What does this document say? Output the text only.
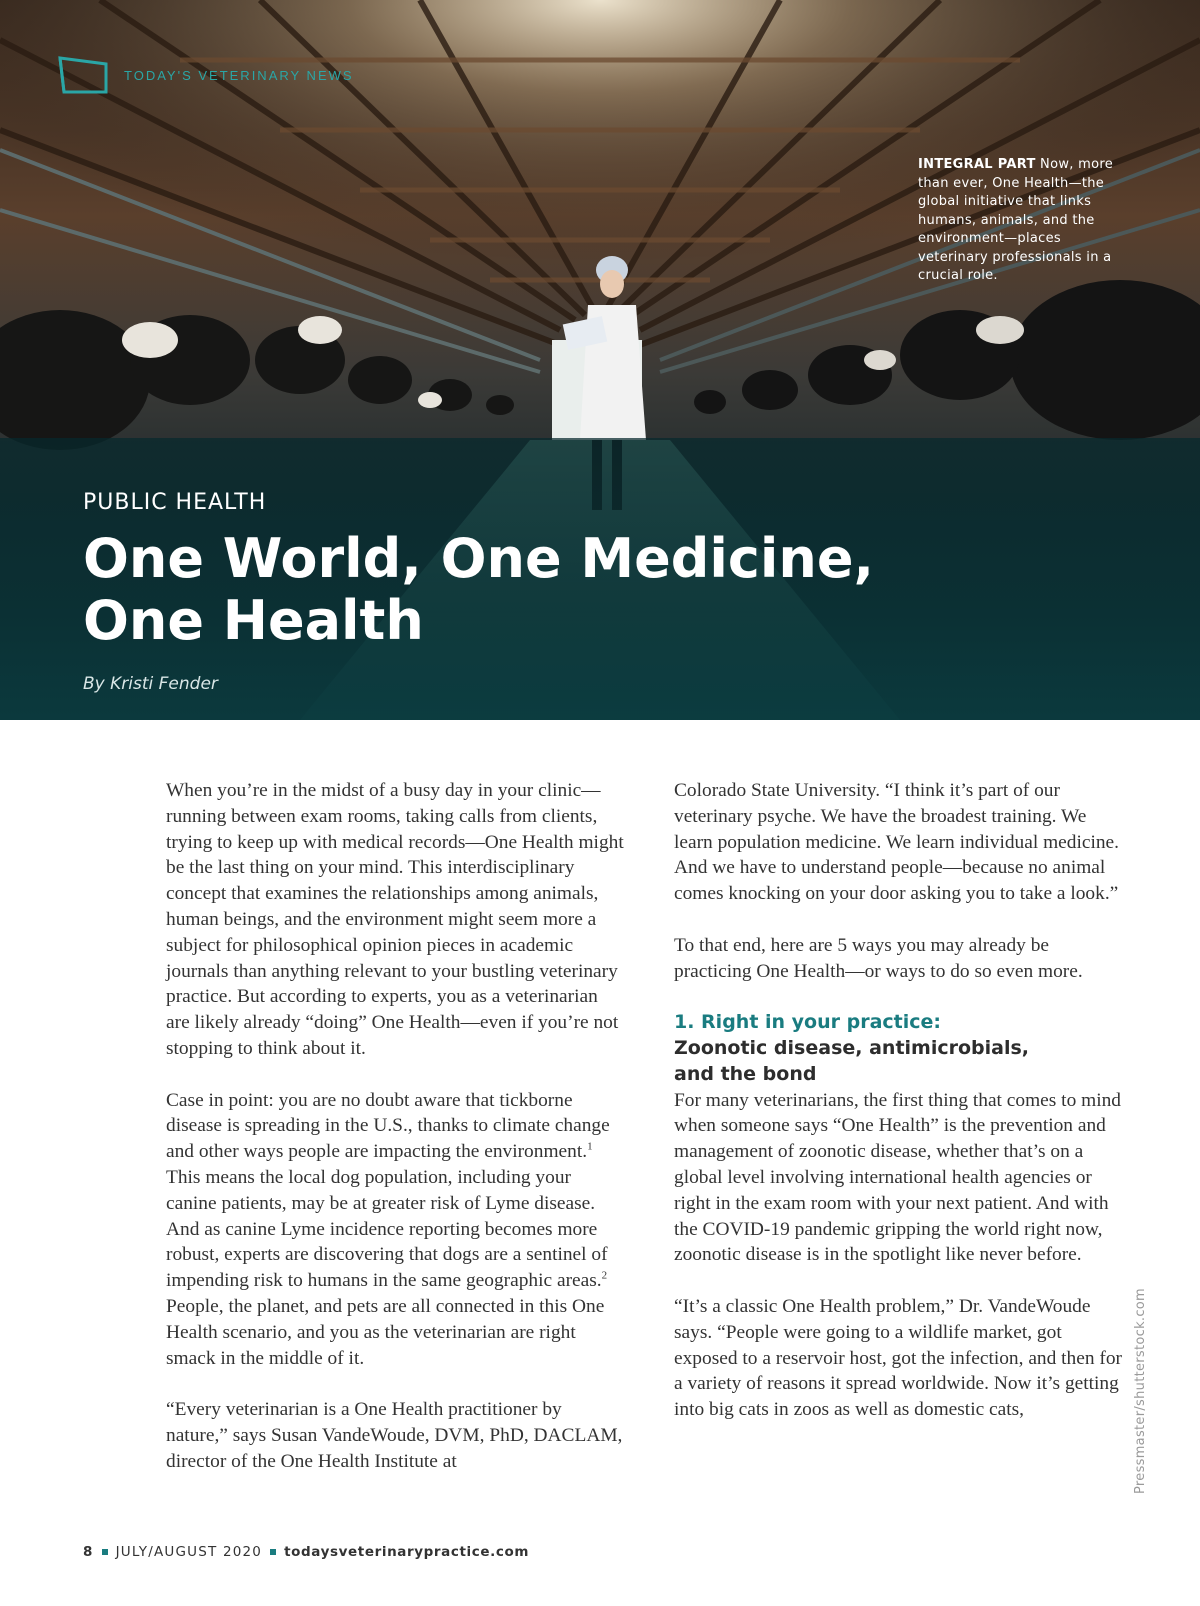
TODAY'S VETERINARY NEWS
INTEGRAL PART Now, more than ever, One Health—the global initiative that links humans, animals, and the environment—places veterinary professionals in a crucial role.
PUBLIC HEALTH
One World, One Medicine,
One Health
By Kristi Fender

When you’re in the midst of a busy day in your clinic—running between exam rooms, taking calls from clients, trying to keep up with medical records—One Health might be the last thing on your mind. This interdisciplinary concept that examines the relationships among animals, human beings, and the environment might seem more a subject for philosophical opinion pieces in academic journals than anything relevant to your bustling veterinary practice. But according to experts, you as a veterinarian are likely already “doing” One Health—even if you’re not stopping to think about it.

Case in point: you are no doubt aware that tickborne disease is spreading in the U.S., thanks to climate change and other ways people are impacting the environment.$^1$ This means the local dog population, including your canine patients, may be at greater risk of Lyme disease. And as canine Lyme incidence reporting becomes more robust, experts are discovering that dogs are a sentinel of impending risk to humans in the same geographic areas.$^2$ People, the planet, and pets are all connected in this One Health scenario, and you as the veterinarian are right smack in the middle of it.

“Every veterinarian is a One Health practitioner by nature,” says Susan VandeWoude, DVM, PhD, DACLAM, director of the One Health Institute at

Colorado State University. “I think it’s part of our veterinary psyche. We have the broadest training. We learn population medicine. We learn individual medicine. And we have to understand people—because no animal comes knocking on your door asking you to take a look.”

To that end, here are 5 ways you may already be practicing One Health—or ways to do so even more.

1. Right in your practice:
Zoonotic disease, antimicrobials,
and the bond

For many veterinarians, the first thing that comes to mind when someone says “One Health” is the prevention and management of zoonotic disease, whether that’s on a global level involving international health agencies or right in the exam room with your next patient. And with the COVID-19 pandemic gripping the world right now, zoonotic disease is in the spotlight like never before.

“It’s a classic One Health problem,” Dr. VandeWoude says. “People were going to a wildlife market, got exposed to a reservoir host, got the infection, and then for a variety of reasons it spread worldwide. Now it’s getting into big cats in zoos as well as domestic cats,	Pressmaster/shutterstock.com
8 JULY/AUGUST 2020 todaysveterinarypractice.com
